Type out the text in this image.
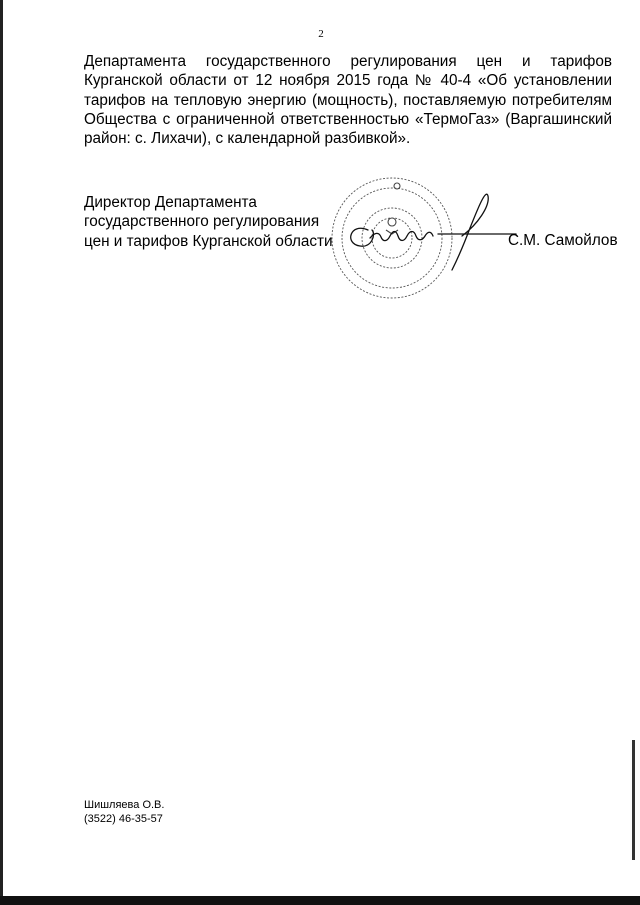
2
Департамента государственного регулирования цен и тарифов Курганской области от 12 ноября 2015 года № 40-4 «Об установлении тарифов на тепловую энергию (мощность), поставляемую потребителям Общества с ограниченной ответственностью «ТермоГаз» (Варгашинский район: с. Лихачи), с календарной разбивкой».
Директор Департамента
государственного регулирования
цен и тарифов Курганской области	С.М. Самойлов
Шишляева О.В.
(3522) 46-35-57
